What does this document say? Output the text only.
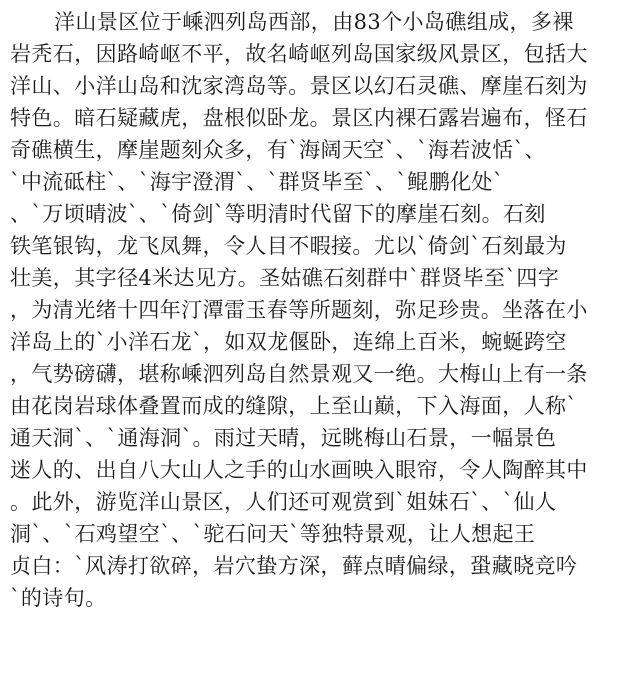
洋山景区位于嵊泗列岛西部，由83个小岛礁组成，多裸
岩秃石，因路崎岖不平，故名崎岖列岛国家级风景区，包括大
洋山、小洋山岛和沈家湾岛等。景区以幻石灵礁、摩崖石刻为
特色。暗石疑藏虎，盘根似卧龙。景区内裸石露岩遍布，怪石
奇礁横生，摩崖题刻众多，有`海阔天空`、`海若波恬`、
`中流砥柱`、`海宇澄渭`、`群贤毕至`、`鲲鹏化处`
、`万顷晴波`、`倚剑`等明清时代留下的摩崖石刻。石刻
铁笔银钩，龙飞凤舞，令人目不暇接。尤以`倚剑`石刻最为
壮美，其字径4米达见方。圣姑礁石刻群中`群贤毕至`四字
，为清光绪十四年汀潭雷玉春等所题刻，弥足珍贵。坐落在小
洋岛上的`小洋石龙`，如双龙偃卧，连绵上百米，蜿蜒跨空
，气势磅礴，堪称嵊泗列岛自然景观又一绝。大梅山上有一条
由花岗岩球体叠置而成的缝隙，上至山巅，下入海面，人称`
通天洞`、`通海洞`。雨过天晴，远眺梅山石景，一幅景色
迷人的、出自八大山人之手的山水画映入眼帘，令人陶醉其中
。此外，游览洋山景区，人们还可观赏到`姐妹石`、`仙人
洞`、`石鸡望空`、`驼石问天`等独特景观，让人想起王
贞白：`风涛打欲碎，岩穴蛰方深，藓点晴偏绿，蛩藏晓竞吟
`的诗句。
